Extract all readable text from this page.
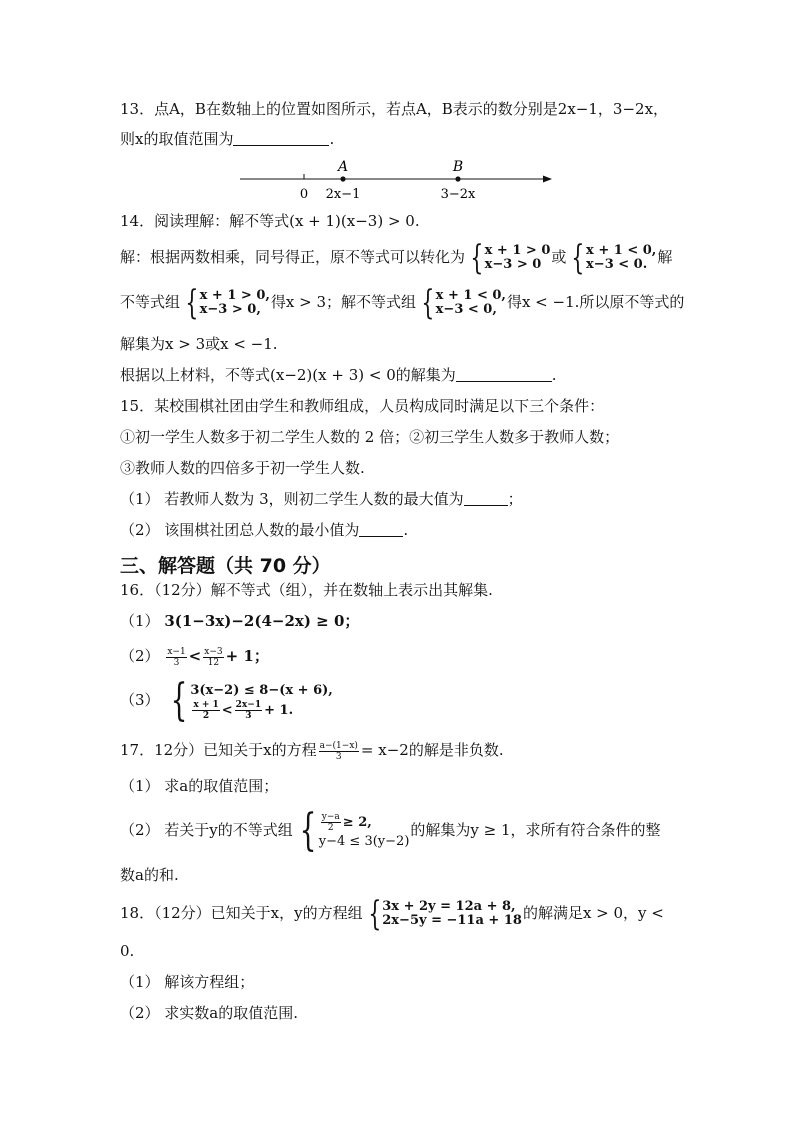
13．点A，B在数轴上的位置如图所示，若点A，B表示的数分别是2x−1，3−2x，
则x的取值范围为	.
A	B
0 2x−1	3−2x
14．阅读理解：解不等式(x + 1)(x−3) > 0.
解：根据两数相乘，同号得正，原不等式可以转化为 { x + 1 > 0
x−3 > 0 或 { x + 1 < 0,
x−3 < 0. 解
不等式组 { x + 1 > 0,
x−3 > 0, 得x > 3；解不等式组 { x + 1 < 0,
x−3 < 0, 得x < −1.所以原不等式的
解集为x > 3或x < −1.
根据以上材料，不等式(x−2)(x + 3) < 0的解集为	.
15．某校围棋社团由学生和教师组成，人员构成同时满足以下三个条件：
①初一学生人数多于初二学生人数的 2 倍；②初三学生人数多于教师人数；
③教师人数的四倍多于初一学生人数.
（1） 若教师人数为 3，则初二学生人数的最大值为	；
（2） 该围棋社团总人数的最小值为	.
三、解答题（共 70 分）
16．（12分）解不等式（组），并在数轴上表示出其解集.
（1） 3(1−3x)−2(4−2x) ≥ 0；
$(2) \frac{x-1}{3} < \frac{x-3}{12} + 1$；
（3） { 3(x−2) ≤ 8−(x + 6),
$\frac{x + 1}{2} < \frac{2x-1}{3} + 1$.
17．12分）已知关于x的方程 $\frac{a-(1-x)}{3} = x-2$的解是非负数.
（1） 求a的取值范围；
（2） 若关于y的不等式组 { $\frac{y-a}{2} \ge 2$,
y−4 ≤ 3(y−2)
的解集为y ≥ 1，求所有符合条件的整
数a的和.
18．（12分）已知关于x，y的方程组 { 3x + 2y = 12a + 8,
2x−5y = −11a + 18 的解满足x > 0，y <
0.
（1） 解该方程组；
（2） 求实数a的取值范围.
